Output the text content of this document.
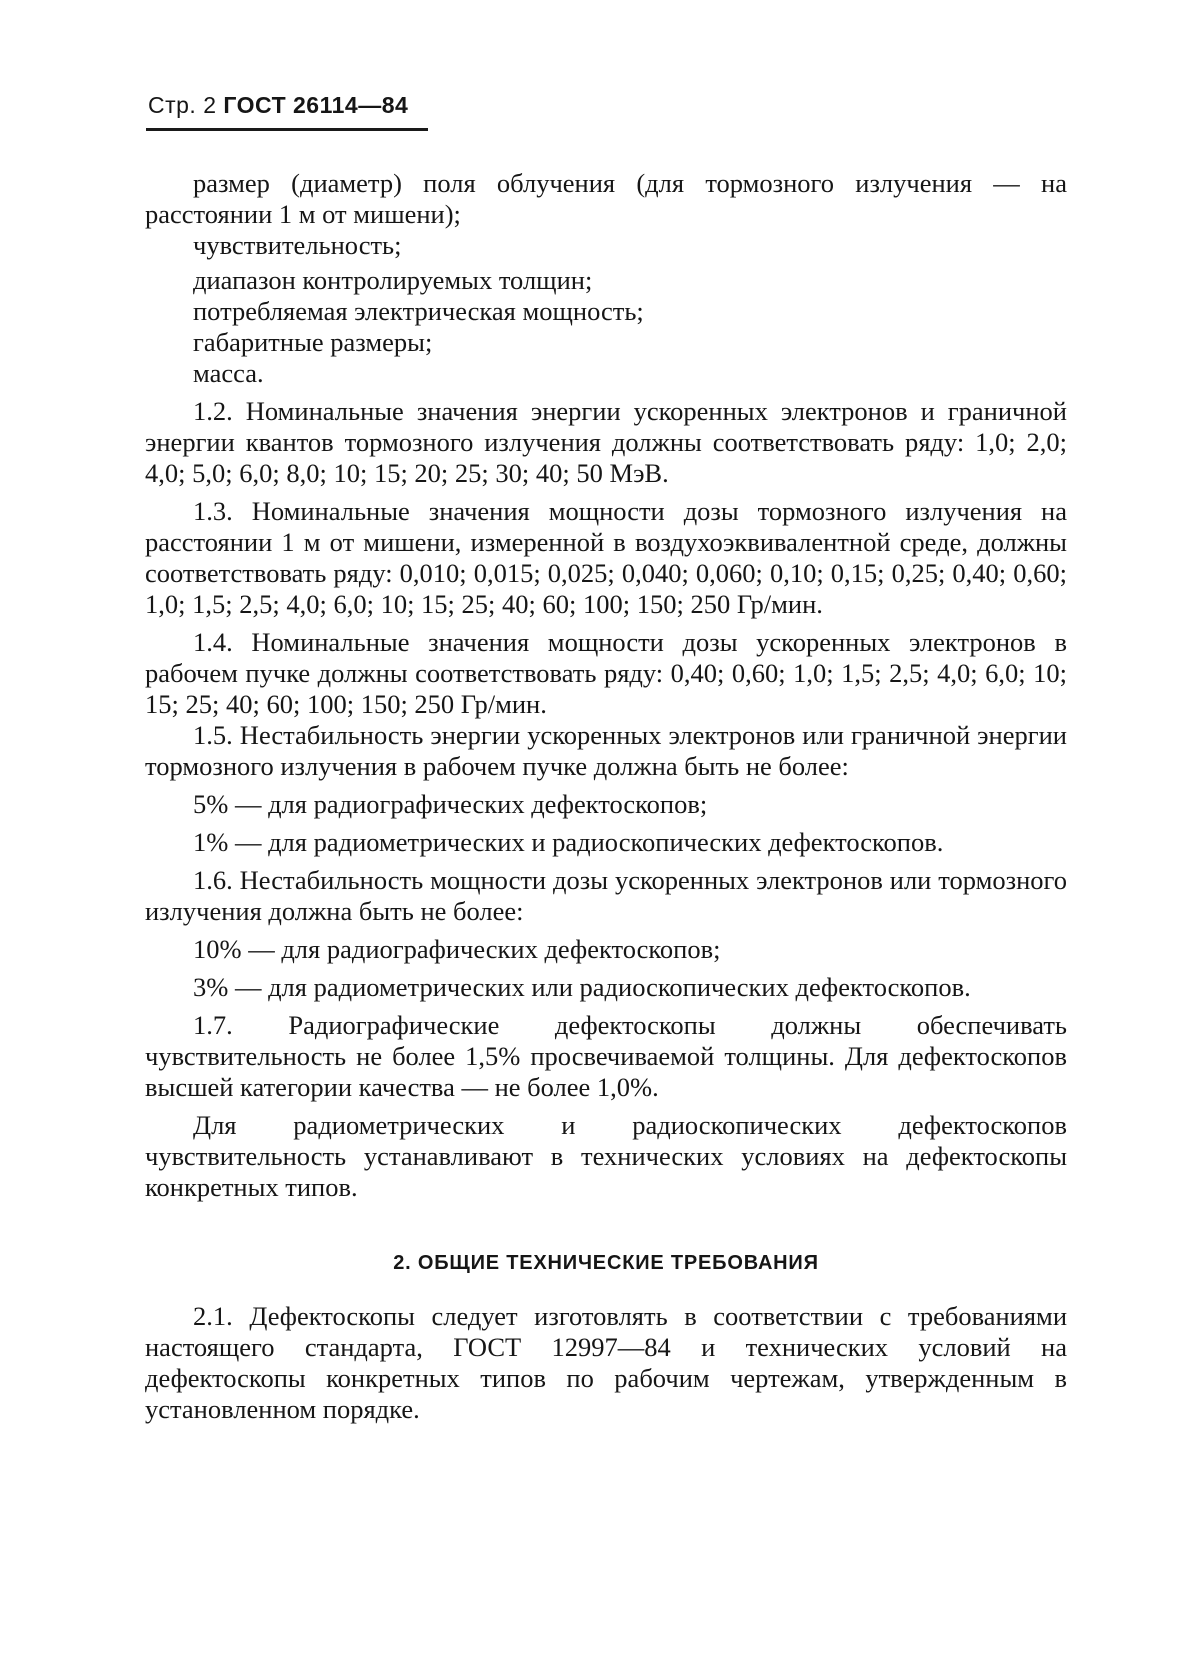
Стр. 2 ГОСТ 26114—84

размер (диаметр) поля облучения (для тормозного излучения — на расстоянии 1 м от мишени);

чувствительность;

диапазон контролируемых толщин;

потребляемая электрическая мощность;

габаритные размеры;

масса.

1.2. Номинальные значения энергии ускоренных электронов и граничной энергии квантов тормозного излучения должны соответствовать ряду: 1,0; 2,0; 4,0; 5,0; 6,0; 8,0; 10; 15; 20; 25; 30; 40; 50 МэВ.

1.3. Номинальные значения мощности дозы тормозного излучения на расстоянии 1 м от мишени, измеренной в воздухоэквивалентной среде, должны соответствовать ряду: 0,010; 0,015; 0,025; 0,040; 0,060; 0,10; 0,15; 0,25; 0,40; 0,60; 1,0; 1,5; 2,5; 4,0; 6,0; 10; 15; 25; 40; 60; 100; 150; 250 Гр/мин.

1.4. Номинальные значения мощности дозы ускоренных электронов в рабочем пучке должны соответствовать ряду: 0,40; 0,60; 1,0; 1,5; 2,5; 4,0; 6,0; 10; 15; 25; 40; 60; 100; 150; 250 Гр/мин.

1.5. Нестабильность энергии ускоренных электронов или граничной энергии тормозного излучения в рабочем пучке должна быть не более:

5% — для радиографических дефектоскопов;

1% — для радиометрических и радиоскопических дефектоскопов.

1.6. Нестабильность мощности дозы ускоренных электронов или тормозного излучения должна быть не более:

10% — для радиографических дефектоскопов;

3% — для радиометрических или радиоскопических дефектоскопов.

1.7. Радиографические дефектоскопы должны обеспечивать чувствительность не более 1,5% просвечиваемой толщины. Для дефектоскопов высшей категории качества — не более 1,0%.

Для радиометрических и радиоскопических дефектоскопов чувствительность устанавливают в технических условиях на дефектоскопы конкретных типов.

2. ОБЩИЕ ТЕХНИЧЕСКИЕ ТРЕБОВАНИЯ

2.1. Дефектоскопы следует изготовлять в соответствии с требованиями настоящего стандарта, ГОСТ 12997—84 и технических условий на дефектоскопы конкретных типов по рабочим чертежам, утвержденным в установленном порядке.
